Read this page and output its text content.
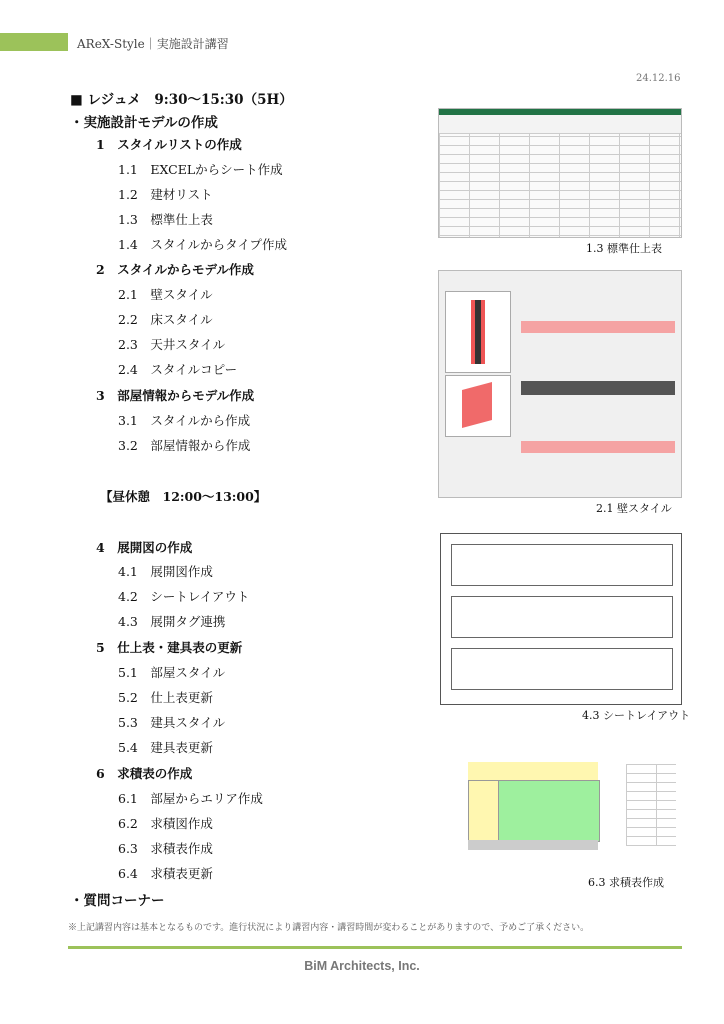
AReX-Style｜実施設計講習
24.12.16
■ レジュメ　9:30〜15:30（5H）
・実施設計モデルの作成
1　スタイルリストの作成
1.1　EXCELからシート作成
1.2　建材リスト
1.3　標準仕上表
1.4　スタイルからタイプ作成
2　スタイルからモデル作成
2.1　壁スタイル
2.2　床スタイル
2.3　天井スタイル
2.4　スタイルコピー
3　部屋情報からモデル作成
3.1　スタイルから作成
3.2　部屋情報から作成
【昼休憩　12:00〜13:00】
4　展開図の作成
4.1　展開図作成
4.2　シートレイアウト
4.3　展開タグ連携
5　仕上表・建具表の更新
5.1　部屋スタイル
5.2　仕上表更新
5.3　建具スタイル
5.4　建具表更新
6　求積表の作成
6.1　部屋からエリア作成
6.2　求積図作成
6.3　求積表作成
6.4　求積表更新
・質問コーナー
1.3 標準仕上表
2.1 壁スタイル
4.3 シートレイアウト
6.3 求積表作成
※上記講習内容は基本となるものです。進行状況により講習内容・講習時間が変わることがありますので、予めご了承ください。
BiM Architects, Inc.
